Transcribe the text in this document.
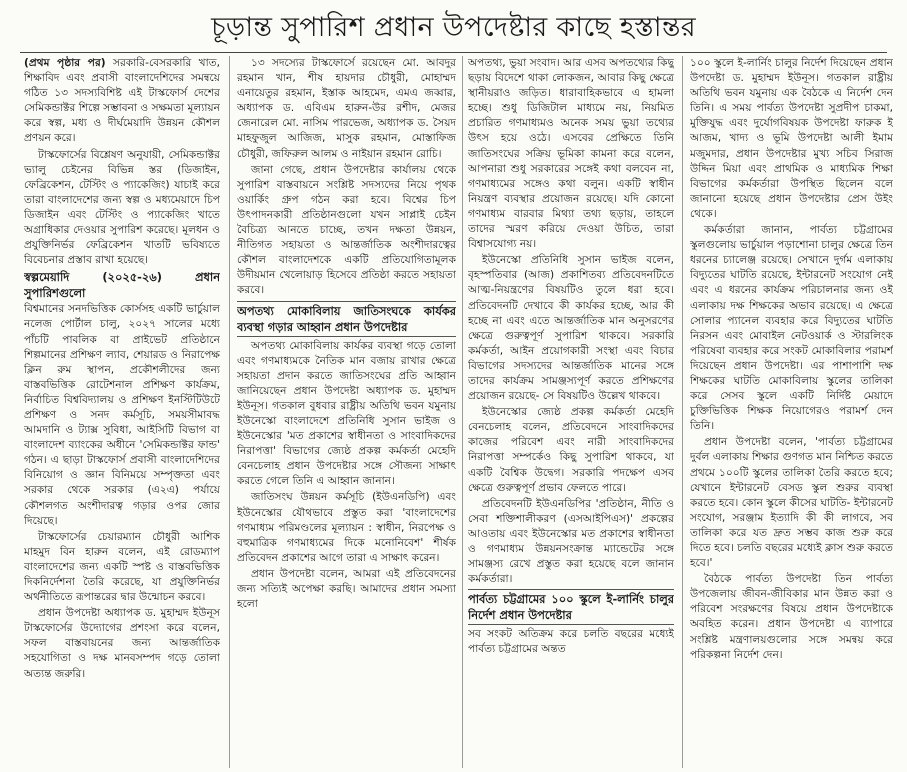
চূড়ান্ত সুপারিশ প্রধান উপদেষ্টার কাছে হস্তান্তর

(প্রথম পৃষ্ঠার পর) সরকারি-বেসরকারি খাত, শিক্ষাবিদ এবং প্রবাসী বাংলাদেশিদের সমন্বয়ে গঠিত ১৩ সদস্যবিশিষ্ট এই টাস্কফোর্স দেশের সেমিকন্ডাক্টর শিল্পে সম্ভাবনা ও সক্ষমতা মূল্যায়ন করে স্বল্প, মধ্য ও দীর্ঘমেয়াদি উন্নয়ন কৌশল প্রণয়ন করে।

টাস্কফোর্সের বিশ্লেষণ অনুযায়ী, সেমিকন্ডাক্টর ভ্যালু চেইনের বিভিন্ন স্তর (ডিজাইন, ফেব্রিকেশন, টেস্টিং ও প্যাকেজিং) যাচাই করে তারা বাংলাদেশের জন্য স্বল্প ও মধ্যমেয়াদে চিপ ডিজাইন এবং টেস্টিং ও প্যাকেজিং খাতে অগ্রাধিকার দেওয়ার সুপারিশ করেছে। মূলধন ও প্রযুক্তিনির্ভর ফেব্রিকেশন খাতটি ভবিষ্যতে বিবেচনার প্রস্তাব রাখা হয়েছে।

স্বল্পমেয়াদি (২০২৫-২৬) প্রধান সুপারিশগুলো

বিশ্বমানের সনদভিত্তিক কোর্সসহ একটি ভার্চুয়াল নলেজ পোর্টাল চালু, ২০২৭ সালের মধ্যে পাঁচটি পাবলিক বা প্রাইভেট প্রতিষ্ঠানে শিল্পমানের প্রশিক্ষণ ল্যাব, শেয়ারড ও নিরাপেক্ষ ক্লিন রুম স্থাপন, প্রকৌশলীদের জন্য বাস্তবভিত্তিক রোটেশনাল প্রশিক্ষণ কার্যক্রম, নির্বাচিত বিশ্ববিদ্যালয় ও প্রশিক্ষণ ইনস্টিটিউটে প্রশিক্ষণ ও সনদ কর্মসূচি, সময়সীমাবদ্ধ আমদানি ও ট্যাক্স সুবিধা, আইসিটি বিভাগ বা বাংলাদেশ ব্যাংকের অধীনে 'সেমিকন্ডাক্টর ফান্ড' গঠন। এ ছাড়া টাস্কফোর্স প্রবাসী বাংলাদেশিদের বিনিয়োগ ও জ্ঞান বিনিময়ে সম্পৃক্ততা এবং সরকার থেকে সরকার (এ২এ) পর্যায়ে কৌশলগত অংশীদারত্ব গড়ার ওপর জোর দিয়েছে।

টাস্কফোর্সের চেয়ারম্যান চৌধুরী আশিক মাহমুদ বিন হারুন বলেন, এই রোডম্যাপ বাংলাদেশের জন্য একটি স্পষ্ট ও বাস্তবভিত্তিক দিকনির্দেশনা তৈরি করেছে, যা প্রযুক্তিনির্ভর অর্থনীতিতে রূপান্তরের দ্বার উন্মোচন করবে।

প্রধান উপদেষ্টা অধ্যাপক ড. মুহাম্মদ ইউনূস টাস্কফোর্সের উদ্যোগের প্রশংসা করে বলেন, সফল বাস্তবায়নের জন্য আন্তর্জাতিক সহযোগিতা ও দক্ষ মানবসম্পদ গড়ে তোলা অত্যন্ত জরুরি।

১৩ সদস্যের টাস্কফোর্সে রয়েছেন মো. আবদুর রহমান খান, শীষ হায়দার চৌধুরী, মোহাম্মদ এনায়েতুর রহমান, ইস্তাক আহমেদ, এমএ জব্বার, অধ্যাপক ড. এবিএম হারুন-উর রশীদ, মেজর জেনারেল মো. নাসিম পারভেজ, অধ্যাপক ড. সৈয়দ মাহফুজুল আজিজ, মাসুক রহমান, মোস্তাফিজ চৌধুরী, জফিরুল আলম ও নাইয়ান রহমান রোচি।

জানা গেছে, প্রধান উপদেষ্টার কার্যালয় থেকে সুপারিশ বাস্তবায়নে সংশ্লিষ্ট সদস্যদের নিয়ে পৃথক ওয়ার্কিং গ্রুপ গঠন করা হবে। বিশ্বের চিপ উৎপাদনকারী প্রতিষ্ঠানগুলো যখন সাপ্লাই চেইন বৈচিত্র্য আনতে চাচ্ছে, তখন দক্ষতা উন্নয়ন, নীতিগত সহায়তা ও আন্তর্জাতিক অংশীদারত্বের কৌশল বাংলাদেশকে একটি প্রতিযোগিতামূলক উদীয়মান খেলোয়াড় হিসেবে প্রতিষ্ঠা করতে সহায়তা করবে।

অপতথ্য মোকাবিলায় জাতিসংঘকে কার্যকর ব্যবস্থা গড়ার আহ্বান প্রধান উপদেষ্টার

অপতথ্য মোকাবিলায় কার্যকর ব্যবস্থা গড়ে তোলা এবং গণমাধ্যমকে নৈতিক মান বজায় রাখার ক্ষেত্রে সহায়তা প্রদান করতে জাতিসংঘের প্রতি আহ্বান জানিয়েছেন প্রধান উপদেষ্টা অধ্যাপক ড. মুহাম্মদ ইউনূস। গতকাল বুধবার রাষ্ট্রীয় অতিথি ভবন যমুনায় ইউনেস্কো বাংলাদেশে প্রতিনিধি সুসান ভাইজ ও ইউনেস্কোর 'মত প্রকাশের স্বাধীনতা ও সাংবাদিকদের নিরাপত্তা' বিভাগের জ্যেষ্ঠ প্রকল্প কর্মকর্তা মেহেদি বেনচেলাহ প্রধান উপদেষ্টার সঙ্গে সৌজন্য সাক্ষাৎ করতে গেলে তিনি এ আহ্বান জানান।

জাতিসংঘ উন্নয়ন কর্মসূচি (ইউএনডিপি) এবং ইউনেস্কোর যৌথভাবে প্রস্তুত করা 'বাংলাদেশের গণমাধ্যম পরিমণ্ডলের মূল্যায়ন : স্বাধীন, নিরপেক্ষ ও বহুমাত্রিক গণমাধ্যমের দিকে মনোনিবেশ' শীর্ষক প্রতিবেদন প্রকাশের আগে তারা এ সাক্ষাৎ করেন।

প্রধান উপদেষ্টা বলেন, আমরা এই প্রতিবেদনের জন্য সত্যিই অপেক্ষা করছি। আমাদের প্রধান সমস্যা হলো

অপতথ্য, ভুয়া সংবাদ। আর এসব অপতথ্যের কিছু ছড়ায় বিদেশে থাকা লোকজন, আবার কিছু ক্ষেত্রে স্থানীয়রাও জড়িত। ধারাবাহিকভাবে এ হামলা হচ্ছে। শুধু ডিজিটাল মাধ্যমে নয়, নিয়মিত প্রচারিত গণমাধ্যমও অনেক সময় ভুয়া তথ্যের উৎস হয়ে ওঠে। এসবের প্রেক্ষিতে তিনি জাতিসংঘের সক্রিয় ভূমিকা কামনা করে বলেন, আপনারা শুধু সরকারের সঙ্গেই কথা বলবেন না, গণমাধ্যমের সঙ্গেও কথা বলুন। একটি স্বাধীন নিয়ন্ত্রণ ব্যবস্থার প্রয়োজন রয়েছে। যদি কোনো গণমাধ্যম বারবার মিথ্যা তথ্য ছড়ায়, তাহলে তাদের স্মরণ করিয়ে দেওয়া উচিত, তারা বিশ্বাসযোগ্য নয়।

ইউনেস্কো প্রতিনিধি সুসান ভাইজ বলেন, বৃহস্পতিবার (আজ) প্রকাশিতব্য প্রতিবেদনটিতে আত্ম-নিয়ন্ত্রণের বিষয়টিও তুলে ধরা হবে। প্রতিবেদনটি দেখাবে কী কার্যকর হচ্ছে, আর কী হচ্ছে না এবং এতে আন্তর্জাতিক মান অনুসরণের ক্ষেত্রে গুরুত্বপূর্ণ সুপারিশ থাকবে। সরকারি কর্মকর্তা, আইন প্রয়োগকারী সংস্থা এবং বিচার বিভাগের সদস্যদের আন্তর্জাতিক মানের সঙ্গে তাদের কার্যক্রম সামঞ্জস্যপূর্ণ করতে প্রশিক্ষণের প্রয়োজন রয়েছে- সে বিষয়টিও উল্লেখ থাকবে।

ইউনেস্কোর জ্যেষ্ঠ প্রকল্প কর্মকর্তা মেহেদি বেনচেলাহ বলেন, প্রতিবেদনে সাংবাদিকদের কাজের পরিবেশ এবং নারী সাংবাদিকদের নিরাপত্তা সম্পর্কেও কিছু সুপারিশ থাকবে, যা একটি বৈশ্বিক উদ্বেগ। সরকারি পদক্ষেপ এসব ক্ষেত্রে গুরুত্বপূর্ণ প্রভাব ফেলতে পারে।

প্রতিবেদনটি ইউএনডিপির 'প্রতিষ্ঠান, নীতি ও সেবা শক্তিশালীকরণ (এসআইপিএস)' প্রকল্পের আওতায় এবং ইউনেস্কোর মত প্রকাশের স্বাধীনতা ও গণমাধ্যম উন্নয়নসংক্রান্ত ম্যান্ডেটের সঙ্গে সামঞ্জস্য রেখে প্রস্তুত করা হয়েছে বলে জানান কর্মকর্তারা।

পার্বত্য চট্টগ্রামের ১০০ স্কুলে ই-লার্নিং চালুর নির্দেশ প্রধান উপদেষ্টার

সব সংকট অতিক্রম করে চলতি বছরের মধ্যেই পার্বত্য চট্টগ্রামের অন্তত

১০০ স্কুলে ই-লার্নিং চালুর নির্দেশ দিয়েছেন প্রধান উপদেষ্টা ড. মুহাম্মদ ইউনূস। গতকাল রাষ্ট্রীয় অতিথি ভবন যমুনায় এক বৈঠকে এ নির্দেশ দেন তিনি। এ সময় পার্বত্য উপদেষ্টা সুপ্রদীপ চাকমা, মুক্তিযুদ্ধ এবং দুর্যোগবিষয়ক উপদেষ্টা ফারুক ই আজম, খাদ্য ও ভূমি উপদেষ্টা আলী ইমাম মজুমদার, প্রধান উপদেষ্টার মুখ্য সচিব সিরাজ উদ্দিন মিয়া এবং প্রাথমিক ও মাধ্যমিক শিক্ষা বিভাগের কর্মকর্তারা উপস্থিত ছিলেন বলে জানানো হয়েছে প্রধান উপদেষ্টার প্রেস উইং থেকে।

কর্মকর্তারা জানান, পার্বত্য চট্টগ্রামের স্কুলগুলোয় ভার্চুয়াল পড়াশোনা চালুর ক্ষেত্রে তিন ধরনের চ্যালেঞ্জ রয়েছে। সেখানে দুর্গম এলাকায় বিদ্যুতের ঘাটতি রয়েছে, ইন্টারনেট সংযোগ নেই এবং এ ধরনের কার্যক্রম পরিচালনার জন্য ওই এলাকায় দক্ষ শিক্ষকের অভাব রয়েছে। এ ক্ষেত্রে সোলার প্যানেল ব্যবহার করে বিদ্যুতের ঘাটতি নিরসন এবং মোবাইল নেটওয়ার্ক ও স্টারলিংক পরিষেবা ব্যবহার করে সংকট মোকাবিলার পরামর্শ দিয়েছেন প্রধান উপদেষ্টা। এর পাশাপাশি দক্ষ শিক্ষকের ঘাটতি মোকাবিলায় স্কুলের তালিকা করে সেসব স্কুলে একটি নির্দিষ্ট মেয়াদে চুক্তিভিত্তিক শিক্ষক নিয়োগেরও পরামর্শ দেন তিনি।

প্রধান উপদেষ্টা বলেন, 'পার্বত্য চট্টগ্রামের দুর্বল এলাকায় শিক্ষার গুণগত মান নিশ্চিত করতে প্রথমে ১০০টি স্কুলের তালিকা তৈরি করতে হবে; যেখানে ইন্টারনেট বেসড স্কুল শুরুর ব্যবস্থা করতে হবে। কোন স্কুলে কীসের ঘাটতি- ইন্টারনেট সংযোগ, সরঞ্জাম ইত্যাদি কী কী লাগবে, সব তালিকা করে যত দ্রুত সম্ভব কাজ শুরু করে দিতে হবে। চলতি বছরের মধ্যেই ক্লাস শুরু করতে হবে।'

বৈঠকে পার্বত্য উপদেষ্টা তিন পার্বত্য উপজেলায় জীবন-জীবিকার মান উন্নত করা ও পরিবেশ সংরক্ষণের বিষয়ে প্রধান উপদেষ্টাকে অবহিত করেন। প্রধান উপদেষ্টা এ ব্যাপারে সংশ্লিষ্ট মন্ত্রণালয়গুলোর সঙ্গে সমন্বয় করে পরিকল্পনা নির্দেশ দেন।
